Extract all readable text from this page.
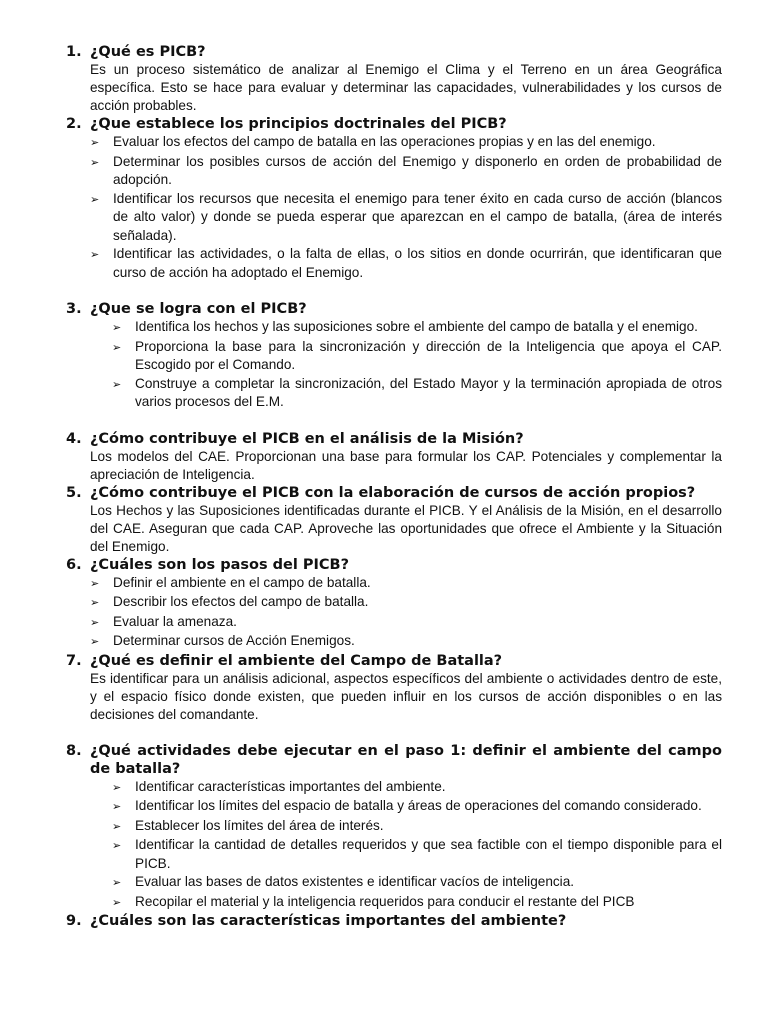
1. ¿Qué es PICB?

Es un proceso sistemático de analizar al Enemigo el Clima y el Terreno en un área Geográfica específica. Esto se hace para evaluar y determinar las capacidades, vulnerabilidades y los cursos de acción probables.

2. ¿Que establece los principios doctrinales del PICB?
➢	Evaluar los efectos del campo de batalla en las operaciones propias y en las del enemigo.
➢	Determinar los posibles cursos de acción del Enemigo y disponerlo en orden de probabilidad de adopción.
➢	Identificar los recursos que necesita el enemigo para tener éxito en cada curso de acción (blancos de alto valor) y donde se pueda esperar que aparezcan en el campo de batalla, (área de interés señalada).
➢	Identificar las actividades, o la falta de ellas, o los sitios en donde ocurrirán, que identificaran que curso de acción ha adoptado el Enemigo.
3. ¿Que se logra con el PICB?
➢	Identifica los hechos y las suposiciones sobre el ambiente del campo de batalla y el enemigo.
➢	Proporciona la base para la sincronización y dirección de la Inteligencia que apoya el CAP. Escogido por el Comando.
➢	Construye a completar la sincronización, del Estado Mayor y la terminación apropiada de otros varios procesos del E.M.
4. ¿Cómo contribuye el PICB en el análisis de la Misión?

Los modelos del CAE. Proporcionan una base para formular los CAP. Potenciales y complementar la apreciación de Inteligencia.

5. ¿Cómo contribuye el PICB con la elaboración de cursos de acción propios?

Los Hechos y las Suposiciones identificadas durante el PICB. Y el Análisis de la Misión, en el desarrollo del CAE. Aseguran que cada CAP. Aproveche las oportunidades que ofrece el Ambiente y la Situación del Enemigo.

6. ¿Cuáles son los pasos del PICB?
➢	Definir el ambiente en el campo de batalla.
➢	Describir los efectos del campo de batalla.
➢	Evaluar la amenaza.
➢	Determinar cursos de Acción Enemigos.
7. ¿Qué es definir el ambiente del Campo de Batalla?

Es identificar para un análisis adicional, aspectos específicos del ambiente o actividades dentro de este, y el espacio físico donde existen, que pueden influir en los cursos de acción disponibles o en las decisiones del comandante.

8. ¿Qué actividades debe ejecutar en el paso 1: definir el ambiente del campo de batalla?
➢	Identificar características importantes del ambiente.
➢	Identificar los límites del espacio de batalla y áreas de operaciones del comando considerado.
➢	Establecer los límites del área de interés.
➢	Identificar la cantidad de detalles requeridos y que sea factible con el tiempo disponible para el PICB.
➢	Evaluar las bases de datos existentes e identificar vacíos de inteligencia.
➢	Recopilar el material y la inteligencia requeridos para conducir el restante del PICB
9. ¿Cuáles son las características importantes del ambiente?
